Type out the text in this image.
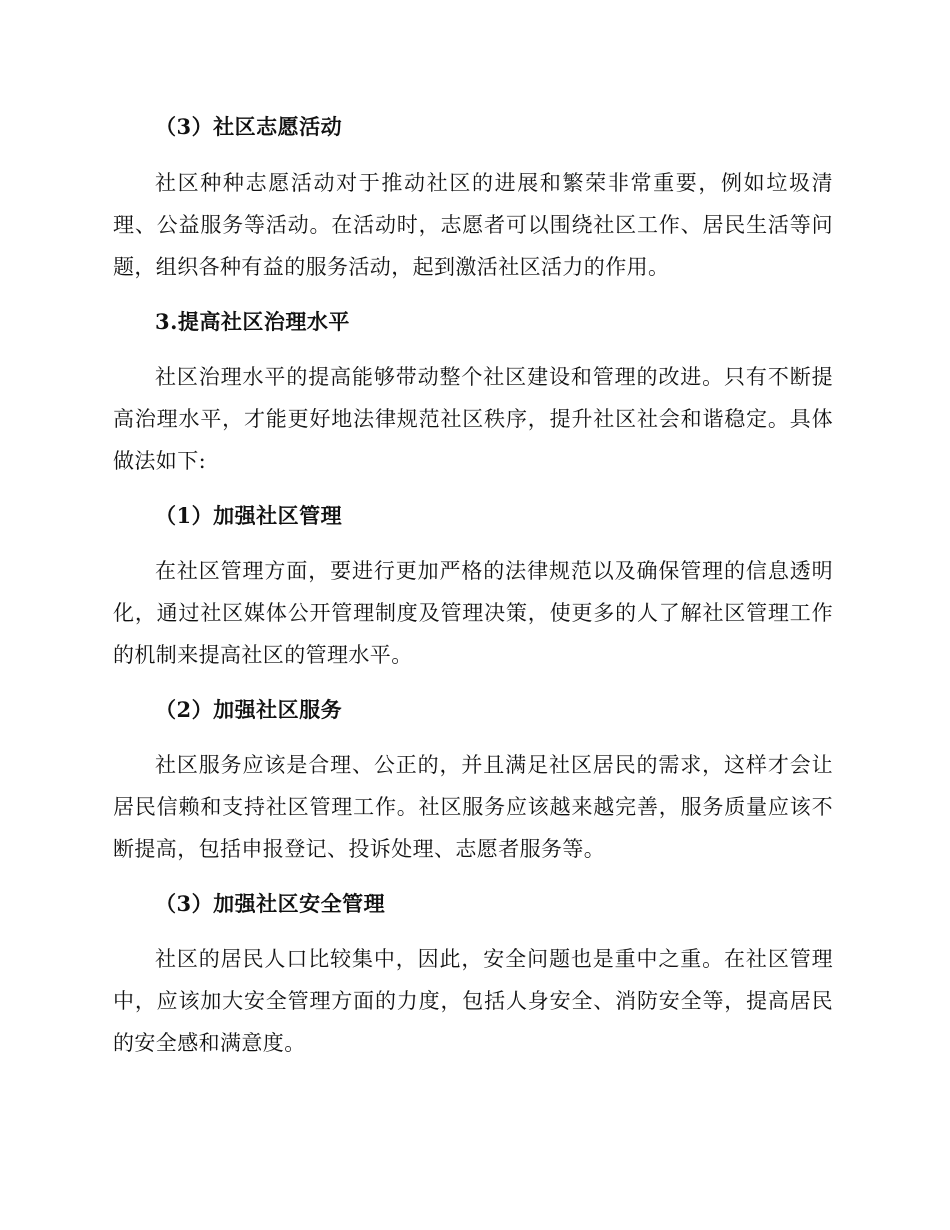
（3）社区志愿活动
社区种种志愿活动对于推动社区的进展和繁荣非常重要，例如垃圾清理、公益服务等活动。在活动时，志愿者可以围绕社区工作、居民生活等问题，组织各种有益的服务活动，起到激活社区活力的作用。
3.提高社区治理水平
社区治理水平的提高能够带动整个社区建设和管理的改进。只有不断提高治理水平，才能更好地法律规范社区秩序，提升社区社会和谐稳定。具体做法如下:
（1）加强社区管理
在社区管理方面，要进行更加严格的法律规范以及确保管理的信息透明化，通过社区媒体公开管理制度及管理决策，使更多的人了解社区管理工作的机制来提高社区的管理水平。
（2）加强社区服务
社区服务应该是合理、公正的，并且满足社区居民的需求，这样才会让居民信赖和支持社区管理工作。社区服务应该越来越完善，服务质量应该不断提高，包括申报登记、投诉处理、志愿者服务等。
（3）加强社区安全管理
社区的居民人口比较集中，因此，安全问题也是重中之重。在社区管理中，应该加大安全管理方面的力度，包括人身安全、消防安全等，提高居民的安全感和满意度。
